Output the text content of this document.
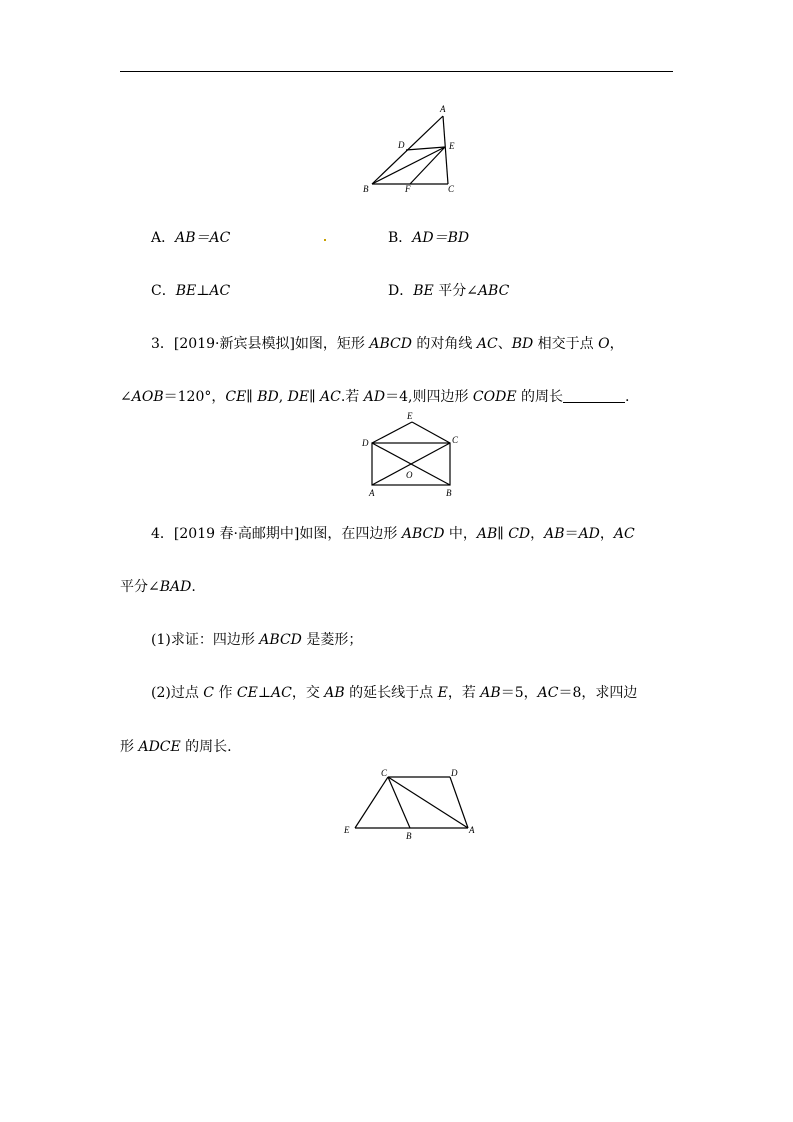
A
D	E
B	F	C
A．AB＝AC	B．AD＝BD
C．BE⊥AC	D．BE 平分∠ABC
3．[2019·新宾县模拟]如图，矩形 ABCD 的对角线 AC、BD 相交于点 O，
∠AOB＝120°，CE∥ BD, DE∥ AC.若 AD＝4,则四边形 CODE 的周长	.
E
D	C
O
A	B
4．[2019 春·高邮期中]如图，在四边形 ABCD 中，AB∥ CD，AB＝AD，AC
平分∠BAD.
(1)求证：四边形 ABCD 是菱形；
(2)过点 C 作 CE⊥AC，交 AB 的延长线于点 E，若 AB＝5，AC＝8，求四边
形 ADCE 的周长.
C	D
E
B
A
